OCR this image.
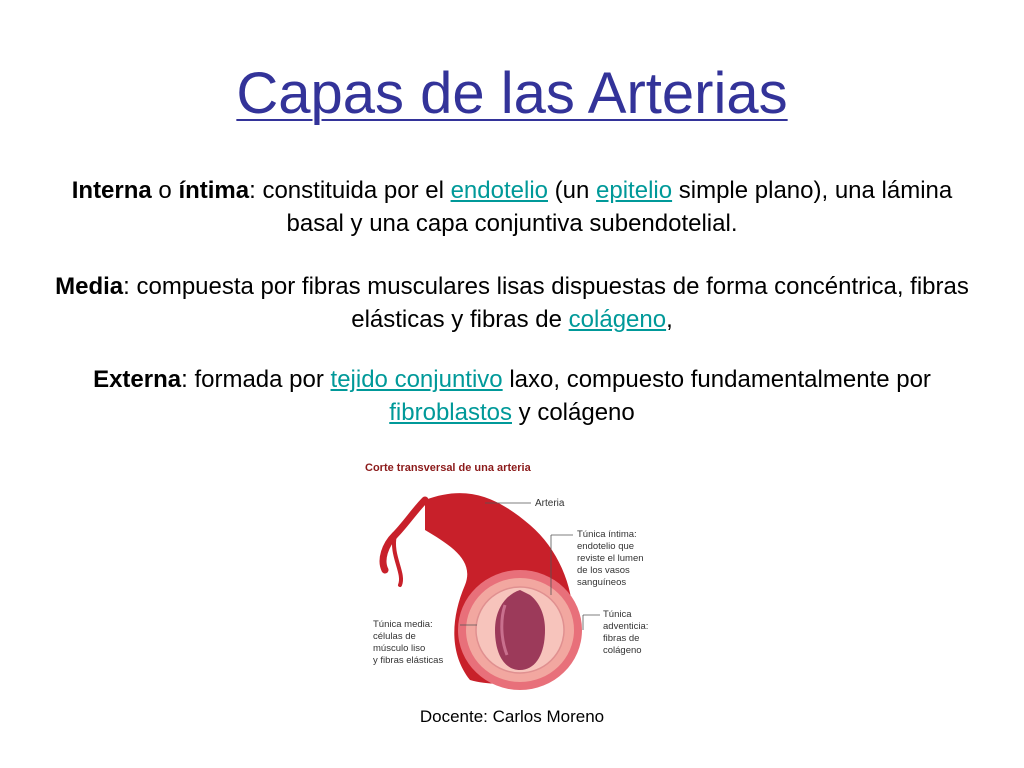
Capas de las Arterias
Interna o íntima: constituida por el endotelio (un epitelio simple plano), una lámina basal y una capa conjuntiva subendotelial.
Media: compuesta por fibras musculares lisas dispuestas de forma concéntrica, fibras elásticas y fibras de colágeno,
Externa: formada por tejido conjuntivo laxo, compuesto fundamentalmente por fibroblastos y colágeno
Corte transversal de una arteria
Arteria
Túnica íntima: endotelio que reviste el lumen de los vasos sanguíneos
Túnica adventicia: fibras de colágeno
Túnica media: células de músculo liso y fibras elásticas
Docente: Carlos Moreno
